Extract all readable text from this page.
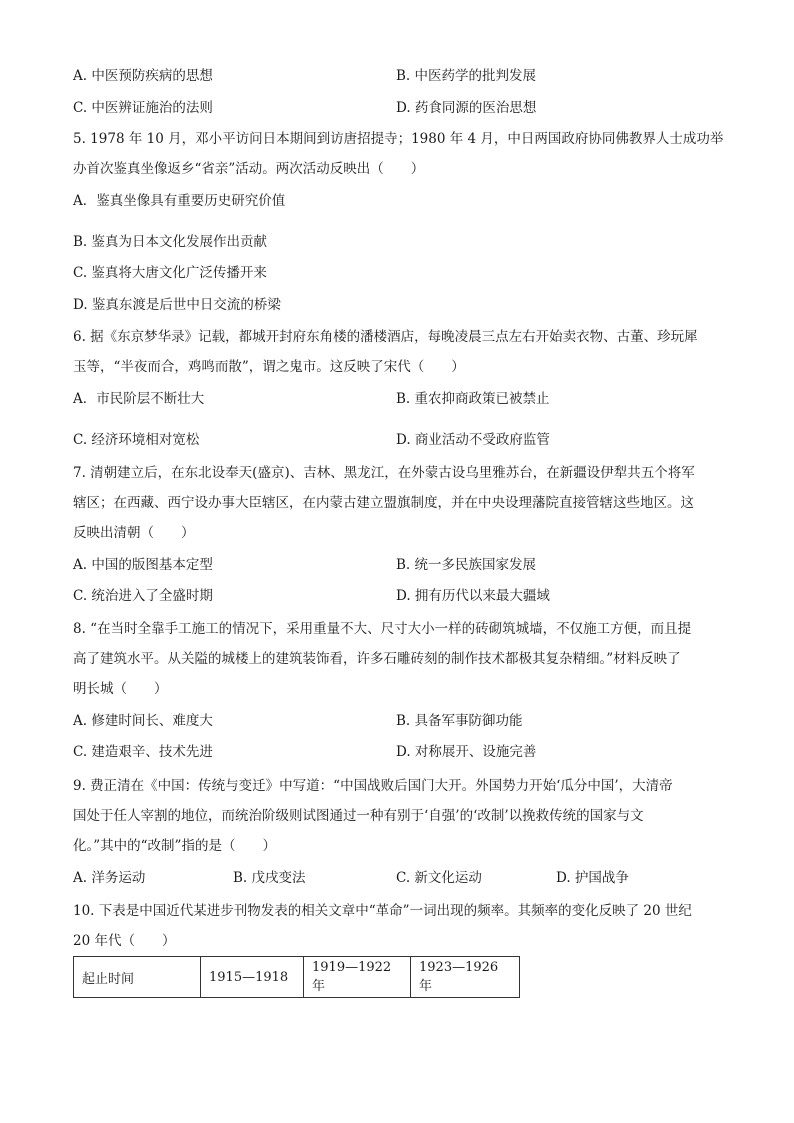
A. 中医预防疾病的思想	B. 中医药学的批判发展
C. 中医辨证施治的法则	D. 药食同源的医治思想
5. 1978 年 10 月，邓小平访问日本期间到访唐招提寺；1980 年 4 月，中日两国政府协同佛教界人士成功举
办首次鉴真坐像返乡“省亲”活动。两次活动反映出（　　）
A．鉴真坐像具有重要历史研究价值
B. 鉴真为日本文化发展作出贡献
C. 鉴真将大唐文化广泛传播开来
D. 鉴真东渡是后世中日交流的桥梁
6. 据《东京梦华录》记载，都城开封府东角楼的潘楼酒店，每晚凌晨三点左右开始卖衣物、古董、珍玩犀
玉等，“半夜而合，鸡鸣而散”，谓之鬼市。这反映了宋代（　　）
A．市民阶层不断壮大	B. 重农抑商政策已被禁止
C. 经济环境相对宽松	D. 商业活动不受政府监管
7. 清朝建立后，在东北设奉天(盛京)、吉林、黑龙江，在外蒙古设乌里雅苏台，在新疆设伊犁共五个将军
辖区；在西藏、西宁设办事大臣辖区，在内蒙古建立盟旗制度，并在中央设理藩院直接管辖这些地区。这
反映出清朝（　　）
A. 中国的版图基本定型	B. 统一多民族国家发展
C. 统治进入了全盛时期	D. 拥有历代以来最大疆域
8. “在当时全靠手工施工的情况下，采用重量不大、尺寸大小一样的砖砌筑城墙，不仅施工方便，而且提
高了建筑水平。从关隘的城楼上的建筑装饰看，许多石雕砖刻的制作技术都极其复杂精细。”材料反映了
明长城（　　）
A. 修建时间长、难度大	B. 具备军事防御功能
C. 建造艰辛、技术先进	D. 对称展开、设施完善
9. 费正清在《中国：传统与变迁》中写道：“中国战败后国门大开。外国势力开始‘瓜分中国’，大清帝
国处于任人宰割的地位，而统治阶级则试图通过一种有别于‘自强’的‘改制’以挽救传统的国家与文
化。”其中的“改制”指的是（　　）
A. 洋务运动	B. 戊戌变法	C. 新文化运动	D. 护国战争
10. 下表是中国近代某进步刊物发表的相关文章中“革命”一词出现的频率。其频率的变化反映了 20 世纪
20 年代（　　）
起止时间	1915—1918	1919—1922 年	1923—1926 年
